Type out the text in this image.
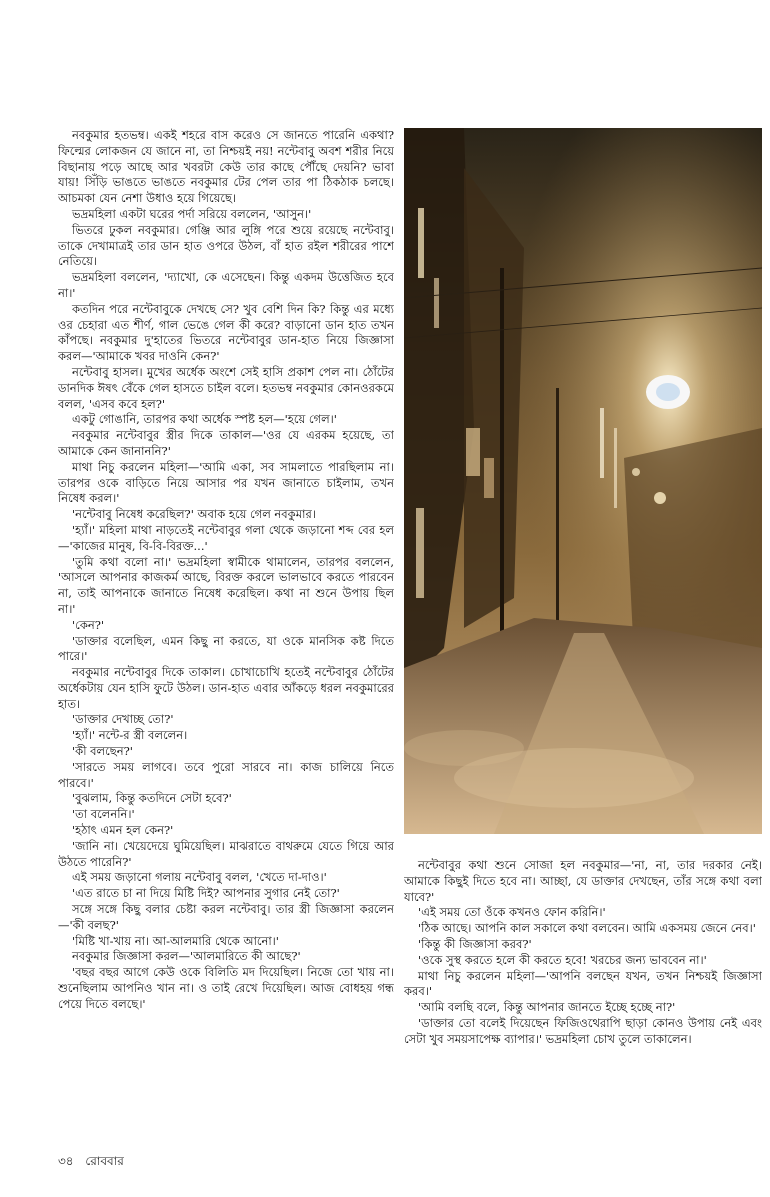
নবকুমার হতভম্ব। একই শহরে বাস করেও সে জানতে পারেনি একথা? ফিল্মের লোকজন যে জানে না, তা নিশ্চয়ই নয়! নন্টেবাবু অবশ শরীর নিয়ে বিছানায় পড়ে আছে আর খবরটা কেউ তার কাছে পৌঁছে দেয়নি? ভাবা যায়! সিঁড়ি ভাঙতে ভাঙতে নবকুমার টের পেল তার পা ঠিকঠাক চলছে। আচমকা যেন নেশা উধাও হয়ে গিয়েছে।

ভদ্রমহিলা একটা ঘরের পর্দা সরিয়ে বললেন, 'আসুন।'

ভিতরে ঢুকল নবকুমার। গেঞ্জি আর লুঙ্গি পরে শুয়ে রয়েছে নন্টেবাবু। তাকে দেখামাত্রই তার ডান হাত ওপরে উঠল, বাঁ হাত রইল শরীরের পাশে নেতিয়ে।

ভদ্রমহিলা বললেন, 'দ্যাখো, কে এসেছেন। কিন্তু একদম উত্তেজিত হবে না।'

কতদিন পরে নন্টেবাবুকে দেখছে সে? খুব বেশি দিন কি? কিন্তু এর মধ্যে ওর চেহারা এত শীর্ণ, গাল ভেঙে গেল কী করে? বাড়ানো ডান হাত তখন কাঁপছে। নবকুমার দু'হাতের ভিতরে নন্টেবাবুর ডান-হাত নিয়ে জিজ্ঞাসা করল—'আমাকে খবর দাওনি কেন?'

নন্টেবাবু হাসল। মুখের অর্ধেক অংশে সেই হাসি প্রকাশ পেল না। ঠোঁটের ডানদিক ঈষৎ বেঁকে গেল হাসতে চাইল বলে। হতভম্ব নবকুমার কোনওরকমে বলল, 'এসব কবে হল?'

একটু গোঙানি, তারপর কথা অর্ধেক স্পষ্ট হল—'হয়ে গেল।'

নবকুমার নন্টেবাবুর স্ত্রীর দিকে তাকাল—'ওর যে এরকম হয়েছে, তা আমাকে কেন জানাননি?'

মাথা নিচু করলেন মহিলা—'আমি একা, সব সামলাতে পারছিলাম না। তারপর ওকে বাড়িতে নিয়ে আসার পর যখন জানাতে চাইলাম, তখন নিষেধ করল।'

'নন্টেবাবু নিষেধ করেছিল?' অবাক হয়ে গেল নবকুমার।

'হ্যাঁ।' মহিলা মাথা নাড়তেই নন্টেবাবুর গলা থেকে জড়ানো শব্দ বের হল—'কাজের মানুষ, বি-বি-বিরক্ত...'

'তুমি কথা বলো না।' ভদ্রমহিলা স্বামীকে থামালেন, তারপর বললেন, 'আসলে আপনার কাজকর্ম আছে, বিরক্ত করলে ভালভাবে করতে পারবেন না, তাই আপনাকে জানাতে নিষেধ করেছিল। কথা না শুনে উপায় ছিল না।'

'কেন?'

'ডাক্তার বলেছিল, এমন কিছু না করতে, যা ওকে মানসিক কষ্ট দিতে পারে।'

নবকুমার নন্টেবাবুর দিকে তাকাল। চোখাচোখি হতেই নন্টেবাবুর ঠোঁটের অর্ধেকটায় যেন হাসি ফুটে উঠল। ডান-হাত এবার আঁকড়ে ধরল নবকুমারের হাত।

'ডাক্তার দেখাচ্ছ তো?'

'হ্যাঁ।' নন্টে-র স্ত্রী বললেন।

'কী বলছেন?'

'সারতে সময় লাগবে। তবে পুরো সারবে না। কাজ চালিয়ে নিতে পারবে।'

'বুঝলাম, কিন্তু কতদিনে সেটা হবে?'

'তা বলেননি।'

'হঠাৎ এমন হল কেন?'

'জানি না। খেয়েদেয়ে ঘুমিয়েছিল। মাঝরাতে বাথরুমে যেতে গিয়ে আর উঠতে পারেনি?'

এই সময় জড়ানো গলায় নন্টেবাবু বলল, 'খেতে দা-দাও।'

'এত রাতে চা না দিয়ে মিষ্টি দিই? আপনার সুগার নেই তো?'

সঙ্গে সঙ্গে কিছু বলার চেষ্টা করল নন্টেবাবু। তার স্ত্রী জিজ্ঞাসা করলেন—'কী বলছ?'

'মিষ্টি খা-খায় না। আ-আলমারি থেকে আনো।'

নবকুমার জিজ্ঞাসা করল—'আলমারিতে কী আছে?'

'বছর বছর আগে কেউ ওকে বিলিতি মদ দিয়েছিল। নিজে তো খায় না। শুনেছিলাম আপনিও খান না। ও তাই রেখে দিয়েছিল। আজ বোধহয় গন্ধ পেয়ে দিতে বলছে।'

নন্টেবাবুর কথা শুনে সোজা হল নবকুমার—'না, না, তার দরকার নেই। আমাকে কিছুই দিতে হবে না। আচ্ছা, যে ডাক্তার দেখছেন, তাঁর সঙ্গে কথা বলা যাবে?'

'এই সময় তো ওঁকে কখনও ফোন করিনি।'

'ঠিক আছে। আপনি কাল সকালে কথা বলবেন। আমি একসময় জেনে নেব।'

'কিন্তু কী জিজ্ঞাসা করব?'

'ওকে সুস্থ করতে হলে কী করতে হবে! খরচের জন্য ভাববেন না।'

মাথা নিচু করলেন মহিলা—'আপনি বলছেন যখন, তখন নিশ্চয়ই জিজ্ঞাসা করব।'

'আমি বলছি বলে, কিন্তু আপনার জানতে ইচ্ছে হচ্ছে না?'

'ডাক্তার তো বলেই দিয়েছেন ফিজিওথেরাপি ছাড়া কোনও উপায় নেই এবং সেটা খুব সময়সাপেক্ষ ব্যাপার।' ভদ্রমহিলা চোখ তুলে তাকালেন।

৩৪ রোববার
